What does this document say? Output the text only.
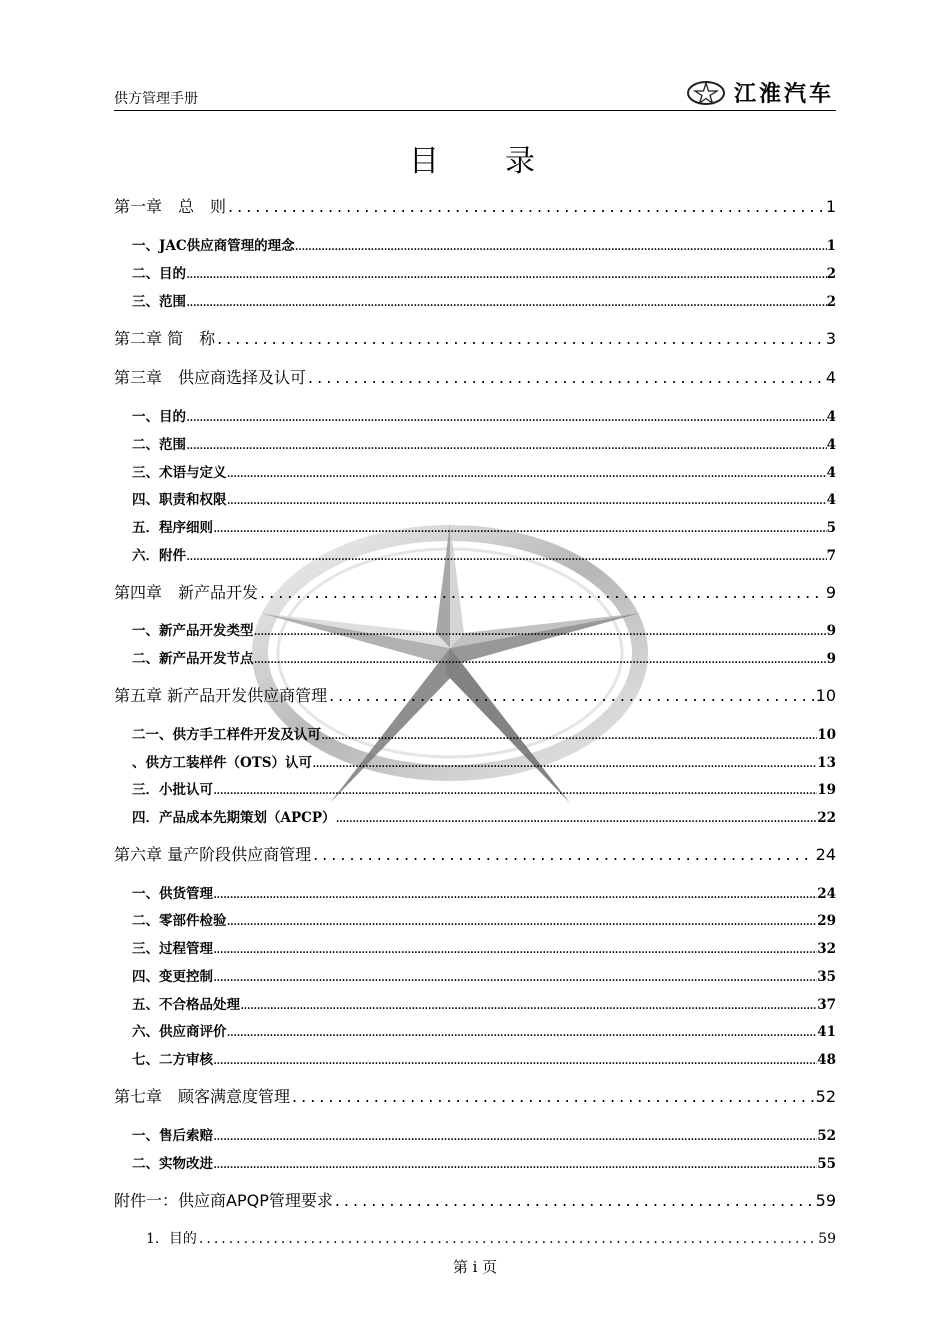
供方管理手册	江淮汽车
目 录
第一章　总　则 .....	1
一、JAC供应商管理的理念 .....	1
二、目的 .....	2
三、范围 .....	2
第二章 简　称 .....	3
第三章　供应商选择及认可 .....	4
一、目的 .....	4
二、范围 .....	4
三、术语与定义 .....	4
四、职责和权限 .....	4
五．程序细则 .....	5
六．附件 .....	7
第四章　新产品开发 .....	9
一、新产品开发类型 .....	9
二、新产品开发节点 .....	9
第五章 新产品开发供应商管理 .....	10
二一、供方手工样件开发及认可 .....	10
、供方工装样件（OTS）认可 .....	13
三．小批认可 .....	19
四．产品成本先期策划（APCP） .....	22
第六章 量产阶段供应商管理 .....	24
一、供货管理 .....	24
二、零部件检验 .....	29
三、过程管理 .....	32
四、变更控制 .....	35
五、不合格品处理 .....	37
六、供应商评价 .....	41
七、二方审核 .....	48
第七章　顾客满意度管理 .....	52
一、售后索赔 .....	52
二、实物改进 .....	55
附件一：供应商APQP管理要求 .....	59
1．目的 .....	59
第 i 页
